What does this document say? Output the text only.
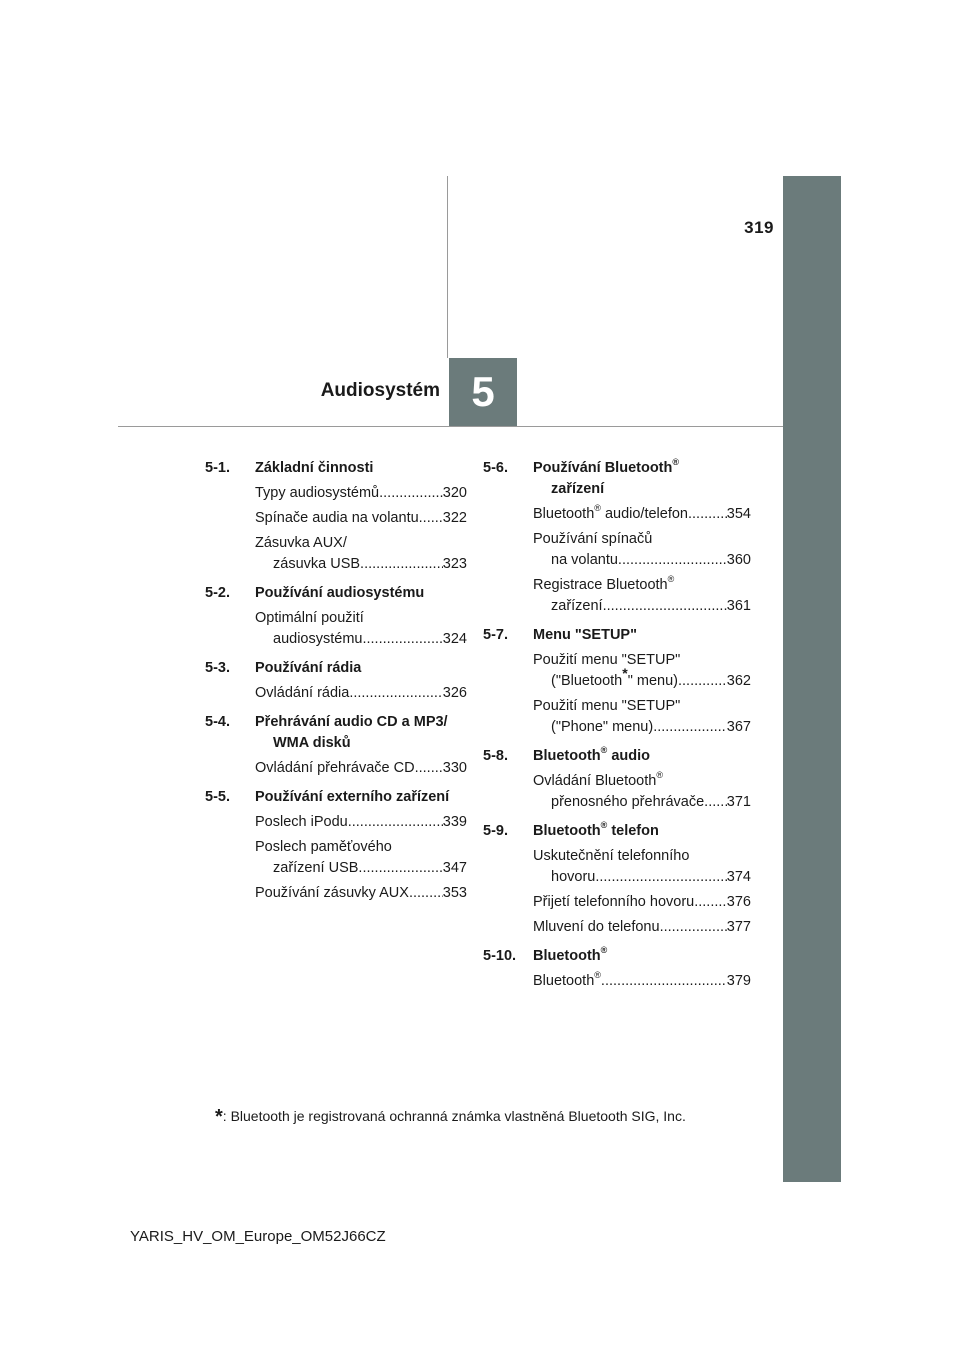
319
5
Audiosystém
5-1.	Základní činnosti
Typy audiosystémů .....	320
Spínače audia na volantu ..... 322
Zásuvka AUX/
zásuvka USB .....	323
5-2.	Používání audiosystému
Optimální použití
audiosystému .....	324
5-3.	Používání rádia
Ovládání rádia .....	326
5-4.	Přehrávání audio CD a MP3/
WMA disků
Ovládání přehrávače CD ..... 330
5-5.	Používání externího zařízení
Poslech iPodu .....	339
Poslech paměťového
zařízení USB .....	347
Používání zásuvky AUX ..... 353
5-6.	Používání Bluetooth®
zařízení
Bluetooth® audio/telefon .....	354
Používání spínačů
na volantu .....	360
Registrace Bluetooth®
zařízení .....	361
5-7.	Menu "SETUP"
Použití menu "SETUP"
("Bluetooth*" menu) .....	362
Použití menu "SETUP"
("Phone" menu) .....	367
5-8.	Bluetooth® audio
Ovládání Bluetooth®
přenosného přehrávače ..... 371
5-9.	Bluetooth® telefon
Uskutečnění telefonního
hovoru .....	374
Přijetí telefonního hovoru ..... 376
Mluvení do telefonu .....	377
5-10.	Bluetooth®
Bluetooth® .....	379
*: Bluetooth je registrovaná ochranná známka vlastněná Bluetooth SIG, Inc.
YARIS_HV_OM_Europe_OM52J66CZ
